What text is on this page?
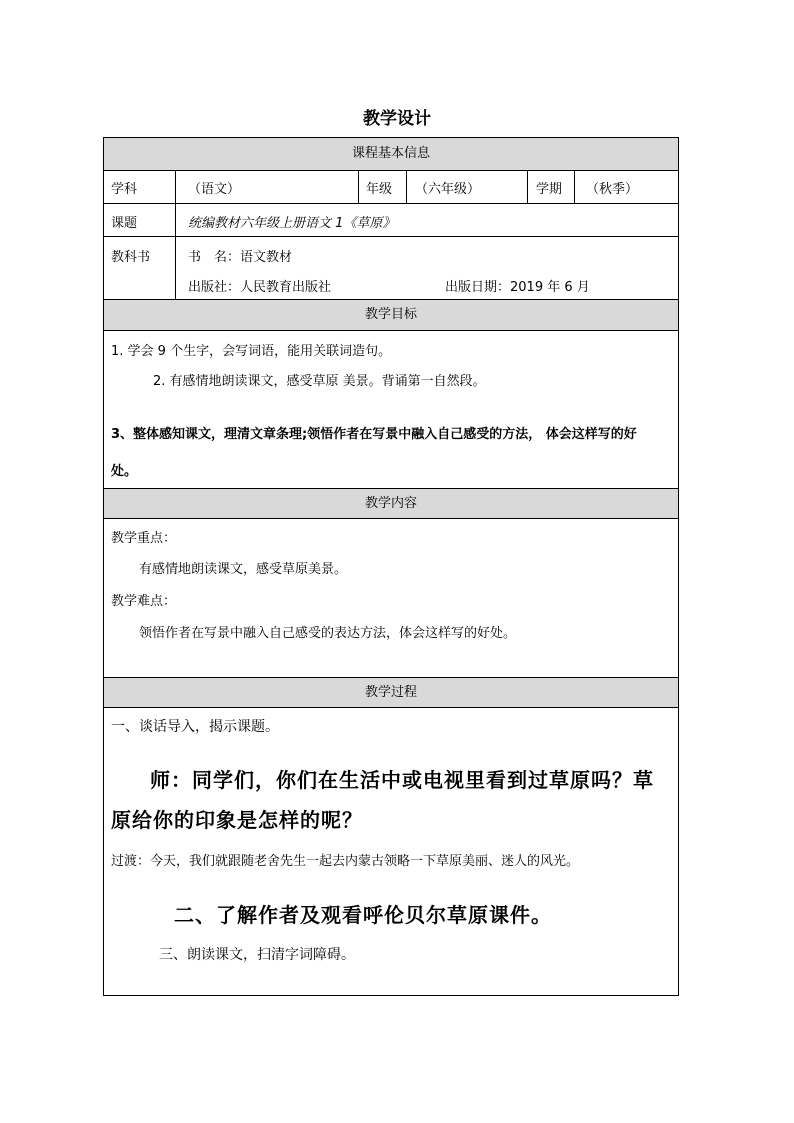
教学设计
课程基本信息
学科	（语文）	年级 （六年级）	学期 （秋季）
课题	统编教材六年级上册语文 1《草原》
教科书	书　名：语文教材
出版社：人民教育出版社	出版日期：2019 年 6 月
教学目标
1. 学会 9 个生字，会写词语，能用关联词造句。
2. 有感情地朗读课文，感受草原 美景。背诵第一自然段。
3、整体感知课文，理清文章条理;领悟作者在写景中融入自己感受的方法， 体会这样写的好
处。
教学内容
教学重点：
有感情地朗读课文，感受草原美景。
教学难点：
领悟作者在写景中融入自己感受的表达方法，体会这样写的好处。
教学过程
一、谈话导入，揭示课题。
师：同学们，你们在生活中或电视里看到过草原吗？草
原给你的印象是怎样的呢？
过渡：今天，我们就跟随老舍先生一起去内蒙古领略一下草原美丽、迷人的风光。
二、了解作者及观看呼伦贝尔草原课件。
三、朗读课文，扫清字词障碍。
